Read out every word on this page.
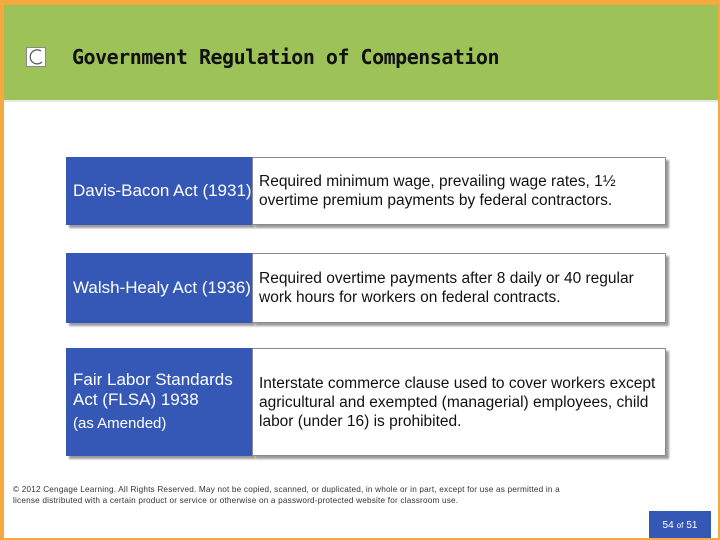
Government Regulation of Compensation
Davis-Bacon Act (1931) Required minimum wage, prevailing wage rates, 1½ overtime premium payments by federal contractors.
Walsh-Healy Act (1936) Required overtime payments after 8 daily or 40 regular work hours for workers on federal contracts.
Fair Labor Standards Act (FLSA) 1938
(as Amended)
Interstate commerce clause used to cover workers except agricultural and exempted (managerial) employees, child labor (under 16) is prohibited.
© 2012 Cengage Learning. All Rights Reserved. May not be copied, scanned, or duplicated, in whole or in part, except for use as permitted in a license distributed with a certain product or service or otherwise on a password-protected website for classroom use.
54 of 51
